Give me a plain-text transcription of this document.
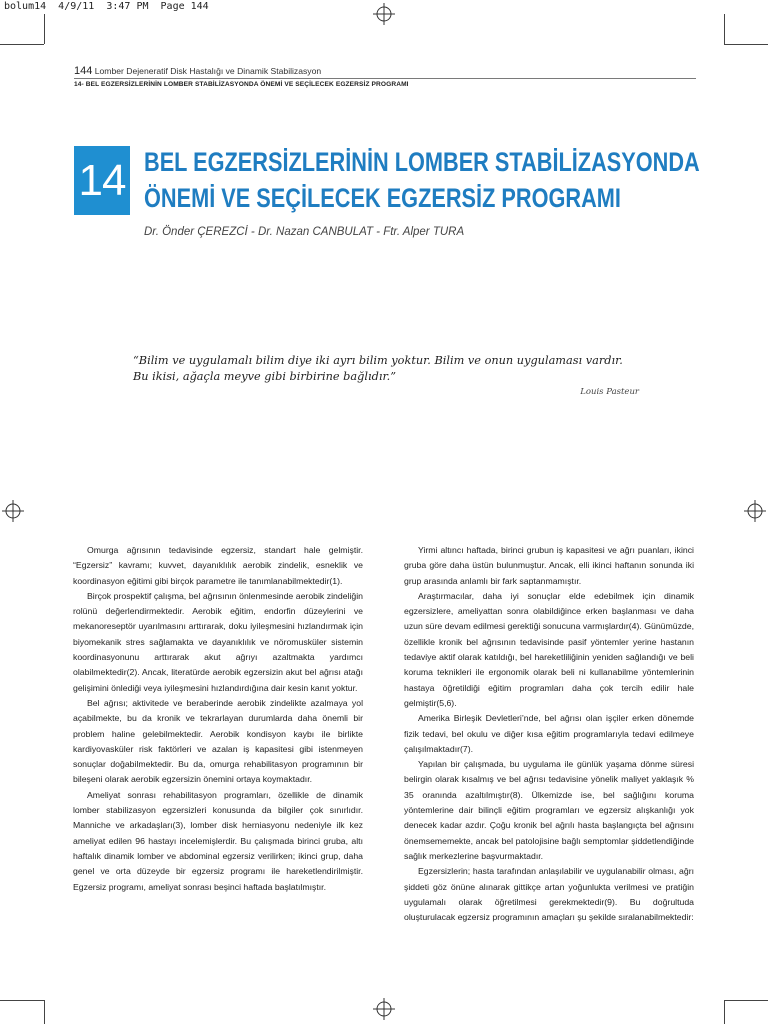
bolum14  4/9/11  3:47 PM  Page 144
144 Lomber Dejeneratif Disk Hastalığı ve Dinamik Stabilizasyon
14- BEL EGZERSİZLERİNİN LOMBER STABİLİZASYONDA ÖNEMİ VE SEÇİLECEK EGZERSİZ PROGRAMI
14 BEL EGZERSİZLERİNİN LOMBER STABİLİZASYONDA
ÖNEMİ VE SEÇİLECEK EGZERSİZ PROGRAMI
Dr. Önder ÇEREZCİ - Dr. Nazan CANBULAT - Ftr. Alper TURA
“Bilim ve uygulamalı bilim diye iki ayrı bilim yoktur. Bilim ve onun uygulaması vardır.
Bu ikisi, ağaçla meyve gibi birbirine bağlıdır.”
Louis Pasteur

Omurga ağrısının tedavisinde egzersiz, standart hale gelmiştir. “Egzersiz” kavramı; kuvvet, dayanıklılık aerobik zindelik, esneklik ve koordinasyon eğitimi gibi birçok parametre ile tanımlanabilmektedir(1).

Birçok prospektif çalışma, bel ağrısının önlenmesinde aerobik zindeliğin rolünü değerlendirmektedir. Aerobik eğitim, endorfin düzeylerini ve mekanoreseptör uyarılmasını arttırarak, doku iyileşmesini hızlandırmak için biyomekanik stres sağlamakta ve dayanıklılık ve nöromusküler sistemin koordinasyonunu arttırarak akut ağrıyı azaltmakta yardımcı olabilmektedir(2). Ancak, literatürde aerobik egzersizin akut bel ağrısı atağı gelişimini önlediği veya iyileşmesini hızlandırdığına dair kesin kanıt yoktur.

Bel ağrısı; aktivitede ve beraberinde aerobik zindelikte azalmaya yol açabilmekte, bu da kronik ve tekrarlayan durumlarda daha önemli bir problem haline gelebilmektedir. Aerobik kondisyon kaybı ile birlikte kardiyovasküler risk faktörleri ve azalan iş kapasitesi gibi istenmeyen sonuçlar doğabilmektedir. Bu da, omurga rehabilitasyon programının bir bileşeni olarak aerobik egzersizin önemini ortaya koymaktadır.

Ameliyat sonrası rehabilitasyon programları, özellikle de dinamik lomber stabilizasyon egzersizleri konusunda da bilgiler çok sınırlıdır. Manniche ve arkadaşları(3), lomber disk herniasyonu nedeniyle ilk kez ameliyat edilen 96 hastayı incelemişlerdir. Bu çalışmada birinci gruba, altı haftalık dinamik lomber ve abdominal egzersiz verilirken; ikinci grup, daha genel ve orta düzeyde bir egzersiz programı ile hareketlendirilmiştir. Egzersiz programı, ameliyat sonrası beşinci haftada başlatılmıştır.

Yirmi altıncı haftada, birinci grubun iş kapasitesi ve ağrı puanları, ikinci gruba göre daha üstün bulunmuştur. Ancak, elli ikinci haftanın sonunda iki grup arasında anlamlı bir fark saptanmamıştır.

Araştırmacılar, daha iyi sonuçlar elde edebilmek için dinamik egzersizlere, ameliyattan sonra olabildiğince erken başlanması ve daha uzun süre devam edilmesi gerektiği sonucuna varmışlardır(4). Günümüzde, özellikle kronik bel ağrısının tedavisinde pasif yöntemler yerine hastanın tedaviye aktif olarak katıldığı, bel hareketliliğinin yeniden sağlandığı ve beli koruma teknikleri ile ergonomik olarak beli ni kullanabilme yöntemlerinin hastaya öğretildiği eğitim programları daha çok tercih edilir hale gelmiştir(5,6).

Amerika Birleşik Devletleri’nde, bel ağrısı olan işçiler erken dönemde fizik tedavi, bel okulu ve diğer kısa eğitim programlarıyla tedavi edilmeye çalışılmaktadır(7).

Yapılan bir çalışmada, bu uygulama ile günlük yaşama dönme süresi belirgin olarak kısalmış ve bel ağrısı tedavisine yönelik maliyet yaklaşık % 35 oranında azaltılmıştır(8). Ülkemizde ise, bel sağlığını koruma yöntemlerine dair bilinçli eğitim programları ve egzersiz alışkanlığı yok denecek kadar azdır. Çoğu kronik bel ağrılı hasta başlangıçta bel ağrısını önemsememekte, ancak bel patolojisine bağlı semptomlar şiddetlendiğinde sağlık merkezlerine başvurmaktadır.

Egzersizlerin; hasta tarafından anlaşılabilir ve uygulanabilir olması, ağrı şiddeti göz önüne alınarak gittikçe artan yoğunlukta verilmesi ve pratiğin uygulamalı olarak öğretilmesi gerekmektedir(9). Bu doğrultuda oluşturulacak egzersiz programının amaçları şu şekilde sıralanabilmektedir:
